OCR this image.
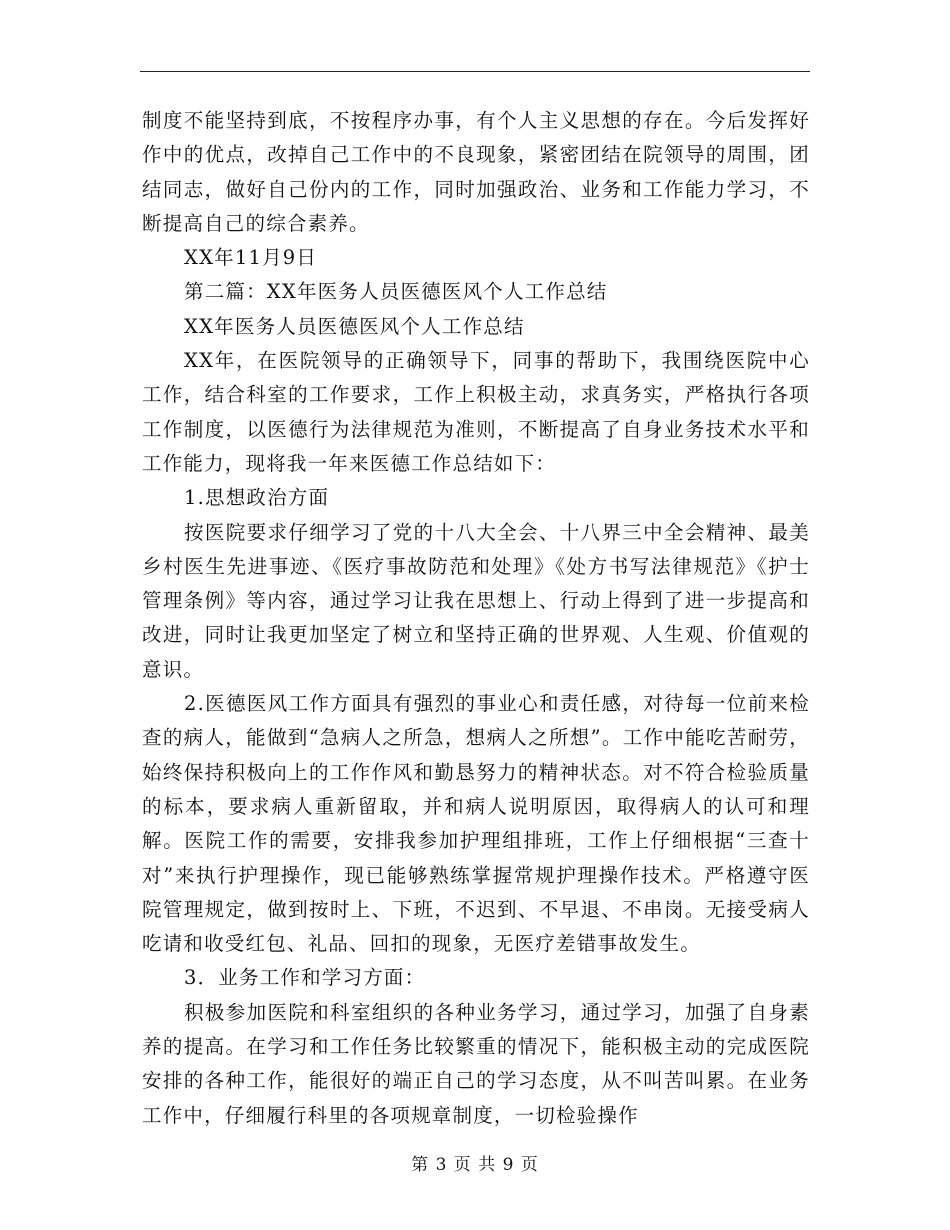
制度不能坚持到底，不按程序办事，有个人主义思想的存在。今后发挥好作中的优点，改掉自己工作中的不良现象，紧密团结在院领导的周围，团结同志，做好自己份内的工作，同时加强政治、业务和工作能力学习，不断提高自己的综合素养。

XX年11月9日

第二篇：XX年医务人员医德医风个人工作总结

XX年医务人员医德医风个人工作总结

XX年，在医院领导的正确领导下，同事的帮助下，我围绕医院中心工作，结合科室的工作要求，工作上积极主动，求真务实，严格执行各项工作制度，以医德行为法律规范为准则，不断提高了自身业务技术水平和工作能力，现将我一年来医德工作总结如下：

1.思想政治方面

按医院要求仔细学习了党的十八大全会、十八界三中全会精神、最美乡村医生先进事迹、《医疗事故防范和处理》《处方书写法律规范》《护士管理条例》等内容，通过学习让我在思想上、行动上得到了进一步提高和改进，同时让我更加坚定了树立和坚持正确的世界观、人生观、价值观的意识。

2.医德医风工作方面具有强烈的事业心和责任感，对待每一位前来检查的病人，能做到“急病人之所急，想病人之所想”。工作中能吃苦耐劳，始终保持积极向上的工作作风和勤恳努力的精神状态。对不符合检验质量的标本，要求病人重新留取，并和病人说明原因，取得病人的认可和理解。医院工作的需要，安排我参加护理组排班，工作上仔细根据“三查十对”来执行护理操作，现已能够熟练掌握常规护理操作技术。严格遵守医院管理规定，做到按时上、下班，不迟到、不早退、不串岗。无接受病人吃请和收受红包、礼品、回扣的现象，无医疗差错事故发生。

3．业务工作和学习方面：

积极参加医院和科室组织的各种业务学习，通过学习，加强了自身素养的提高。在学习和工作任务比较繁重的情况下，能积极主动的完成医院安排的各种工作，能很好的端正自己的学习态度，从不叫苦叫累。在业务工作中，仔细履行科里的各项规章制度，一切检验操作

第 3 页 共 9 页
